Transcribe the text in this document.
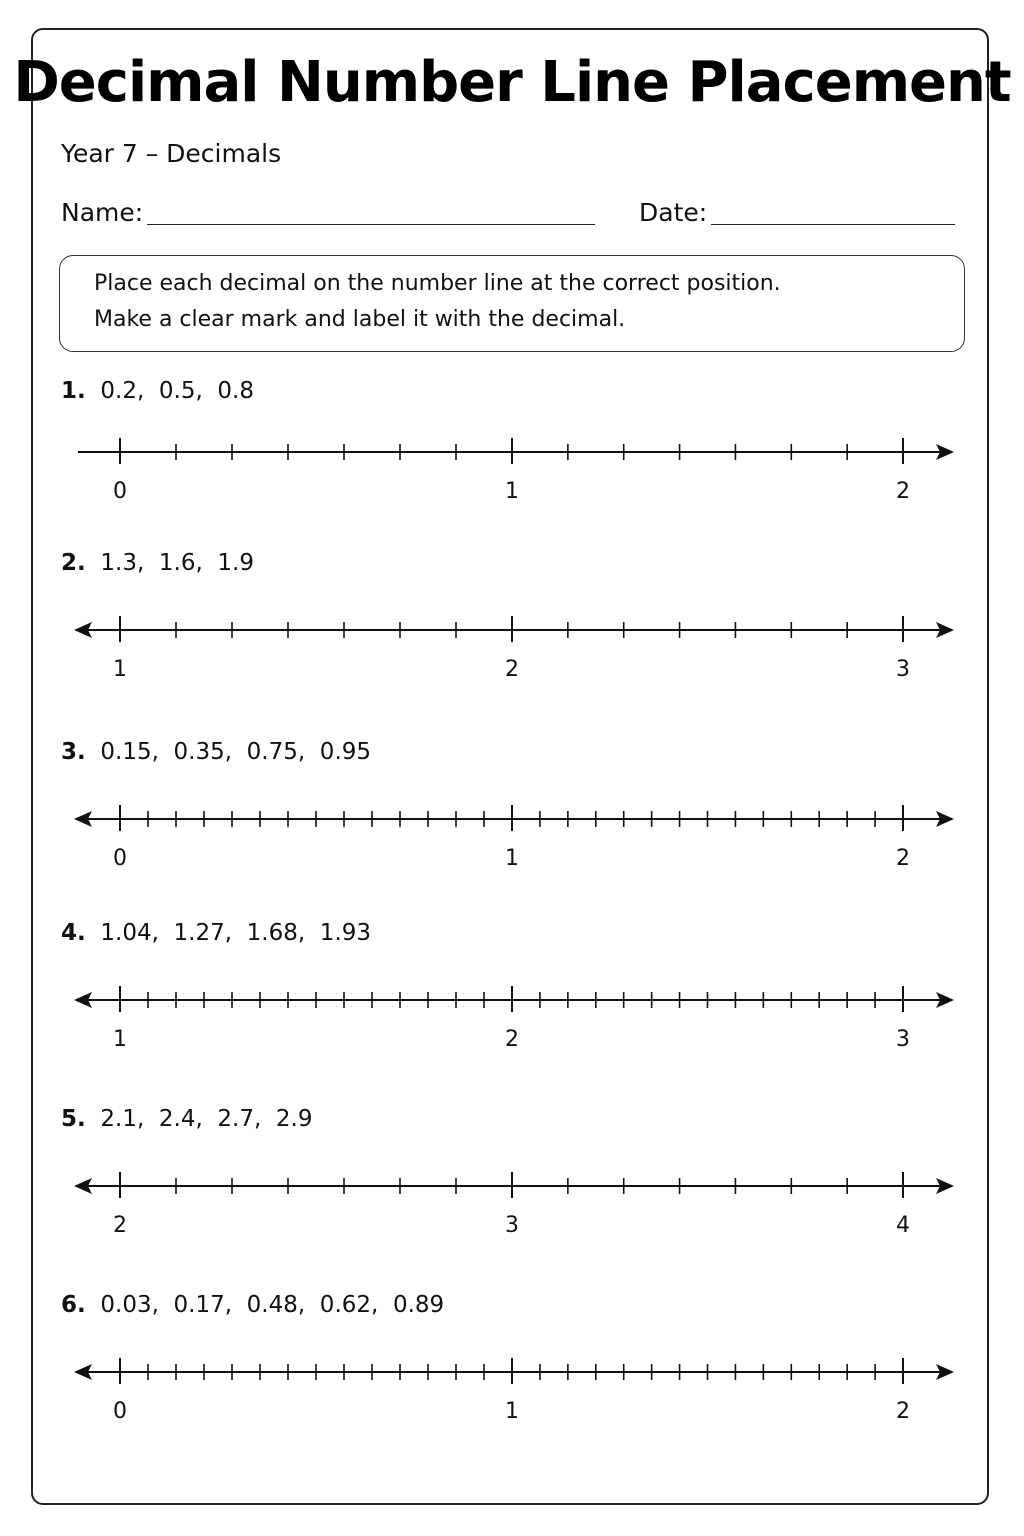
Decimal Number Line Placement
Year 7 – Decimals
Name:	Date:
Place each decimal on the number line at the correct position.
Make a clear mark and label it with the decimal.
1. 0.2,  0.5,  0.8
0	1	2
2. 1.3,  1.6,  1.9
1	2	3
3. 0.15,  0.35,  0.75,  0.95
0	1	2
4. 1.04,  1.27,  1.68,  1.93
1	2	3
5. 2.1,  2.4,  2.7,  2.9
2	3	4
6. 0.03,  0.17,  0.48,  0.62,  0.89
0	1	2
